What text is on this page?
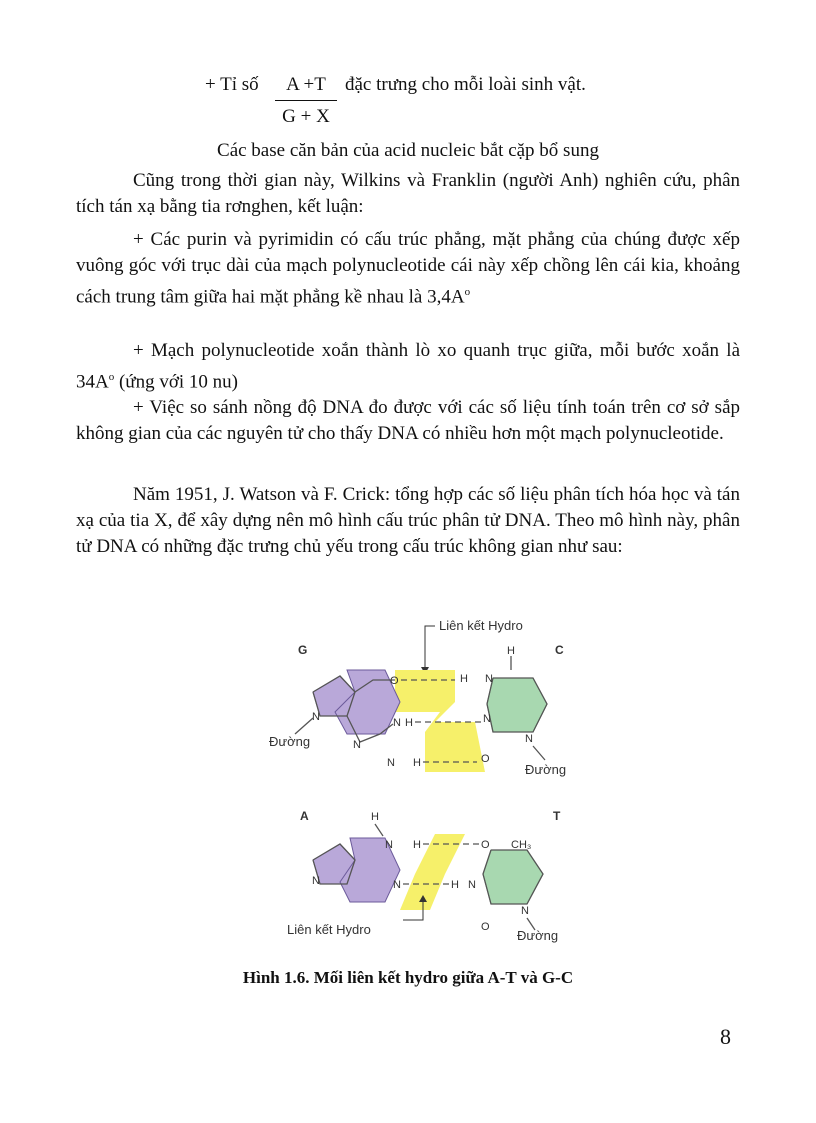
+ Tỉ số $\frac{A +T}{G + X}$ đặc trưng cho mỗi loài sinh vật.
Các base căn bản của acid nucleic bắt cặp bổ sung

Cũng trong thời gian này, Wilkins và Franklin (người Anh) nghiên cứu, phân tích tán xạ bằng tia rơnghen, kết luận:

+ Các purin và pyrimidin có cấu trúc phẳng, mặt phẳng của chúng được xếp vuông góc với trục dài của mạch polynucleotide cái này xếp chồng lên cái kia, khoảng cách trung tâm giữa hai mặt phẳng kề nhau là $3,4A^o$

+ Mạch polynucleotide xoắn thành lò xo quanh trục giữa, mỗi bước xoắn là $34A^o$ (ứng với 10 nu)

+ Việc so sánh nồng độ DNA đo được với các số liệu tính toán trên cơ sở sắp không gian của các nguyên tử cho thấy DNA có nhiều hơn một mạch polynucleotide.

Năm 1951, J. Watson và F. Crick: tổng hợp các số liệu phân tích hóa học và tán xạ của tia X, để xây dựng nên mô hình cấu trúc phân tử DNA. Theo mô hình này, phân tử DNA có những đặc trưng chủ yếu trong cấu trúc không gian như sau:

G	C
Liên kết Hydro
O
N H
N
N H
N
Đường
H
N
H
N
O
N
Đường
A	T
H
N H
N
N
Liên kết Hydro
O CH₃
H N
O
N
Đường
Hình 1.6. Mối liên kết hydro giữa A-T và G-C
8
